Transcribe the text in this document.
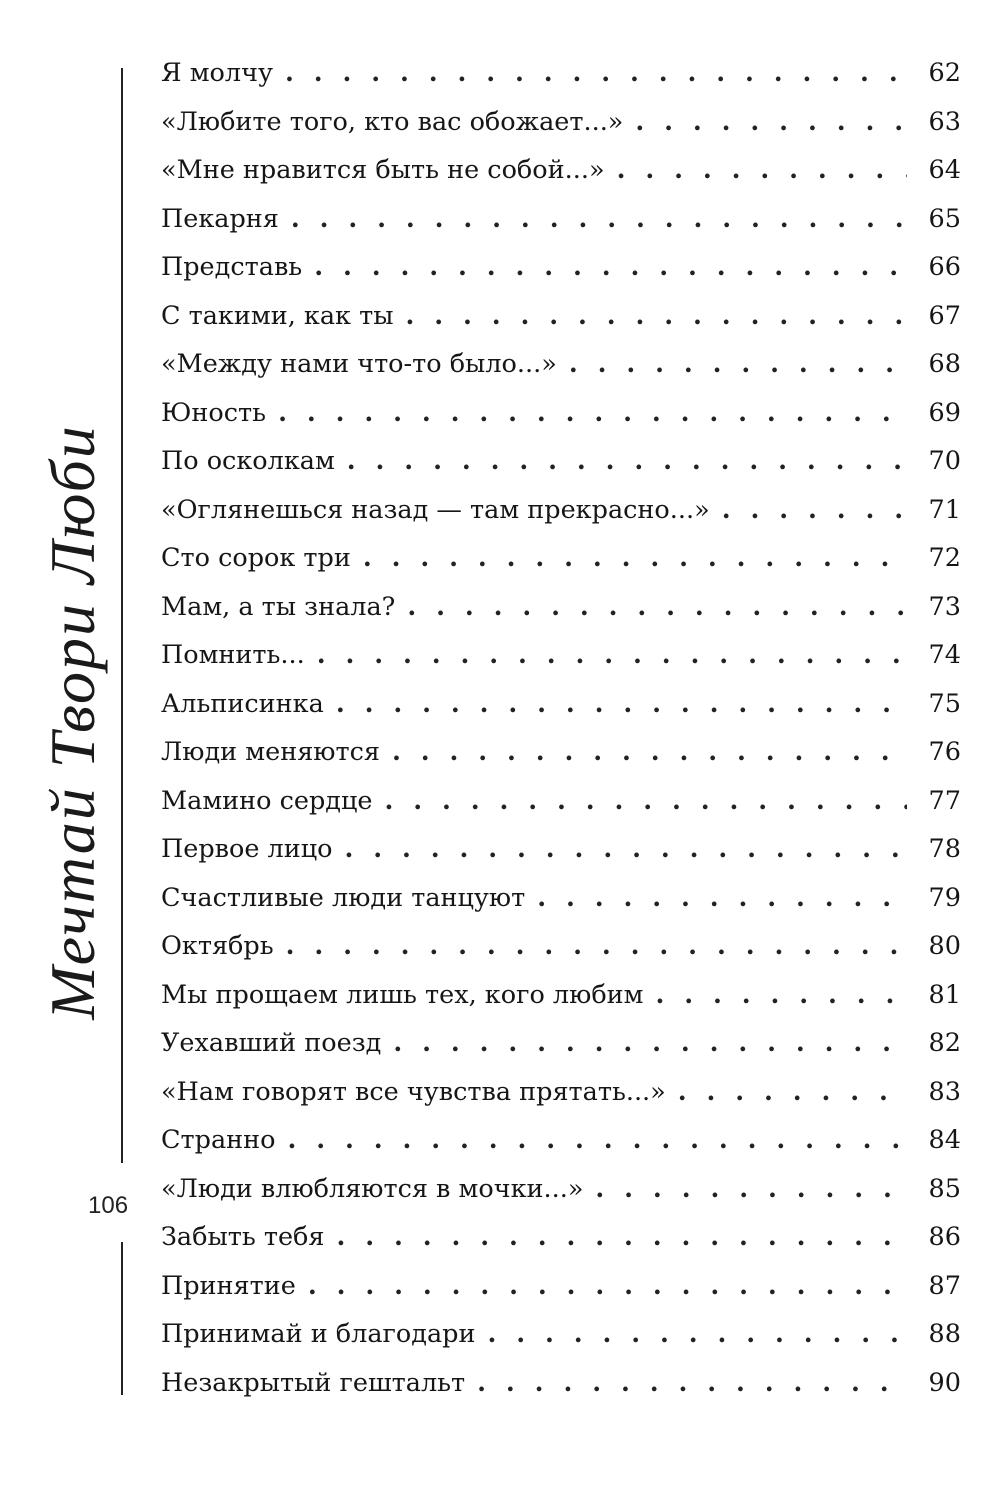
Мечтай Твори Люби
106
Я молчу . . .	62
«Любите того, кто вас обожает...» . . .	63
«Мне нравится быть не собой...» . . .	64
Пекарня . . .	65
Представь . . .	66
С такими, как ты . . .	67
«Между нами что-то было...» . . .	68
Юность . . .	69
По осколкам . . .	70
«Оглянешься назад — там прекрасно...» . . .	71
Сто сорок три . . .	72
Мам, а ты знала? . . .	73
Помнить... . . .	74
Альписинка . . .	75
Люди меняются . . .	76
Мамино сердце . . .	77
Первое лицо . . .	78
Счастливые люди танцуют . . .	79
Октябрь . . .	80
Мы прощаем лишь тех, кого любим . . .	81
Уехавший поезд . . .	82
«Нам говорят все чувства прятать...» . . .	83
Странно . . .	84
«Люди влюбляются в мочки...» . . .	85
Забыть тебя . . .	86
Принятие . . .	87
Принимай и благодари . . .	88
Незакрытый гештальт . . .	90
